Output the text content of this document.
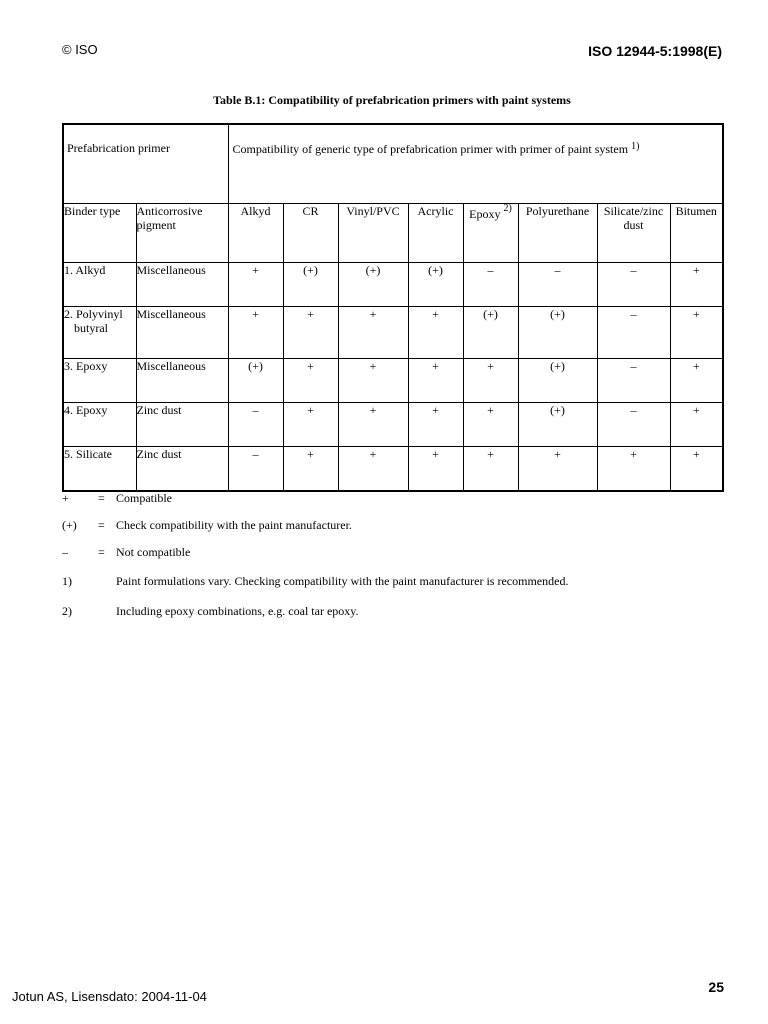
© ISO	ISO 12944-5:1998(E)
Table B.1: Compatibility of prefabrication primers with paint systems
Prefabrication primer		Compatibility of generic type of prefabrication primer with primer of paint system $^{1)}$
Binder type	Anticorrosive pigment	Alkyd	CR	Vinyl/PVC	Acrylic	Epoxy $^{2)}$	Polyurethane	Silicate/zinc dust	Bitumen
1. Alkyd	Miscellaneous	+	(+)	(+)	(+)	–	–	–	+
2. Polyvinyl
butyral	Miscellaneous	+	+	+	+	(+)	(+)	–	+
3. Epoxy	Miscellaneous	(+)	+	+	+	+	(+)	–	+
4. Epoxy	Zinc dust	–	+	+	+	+	(+)	–	+
5. Silicate	Zinc dust	–	+	+	+	+	+	+	+
+ = Compatible
(+) = Check compatibility with the paint manufacturer.
–	= Not compatible
1)	Paint formulations vary. Checking compatibility with the paint manufacturer is recommended.
2)	Including epoxy combinations, e.g. coal tar epoxy.
Jotun AS, Lisensdato: 2004-11-04
25
